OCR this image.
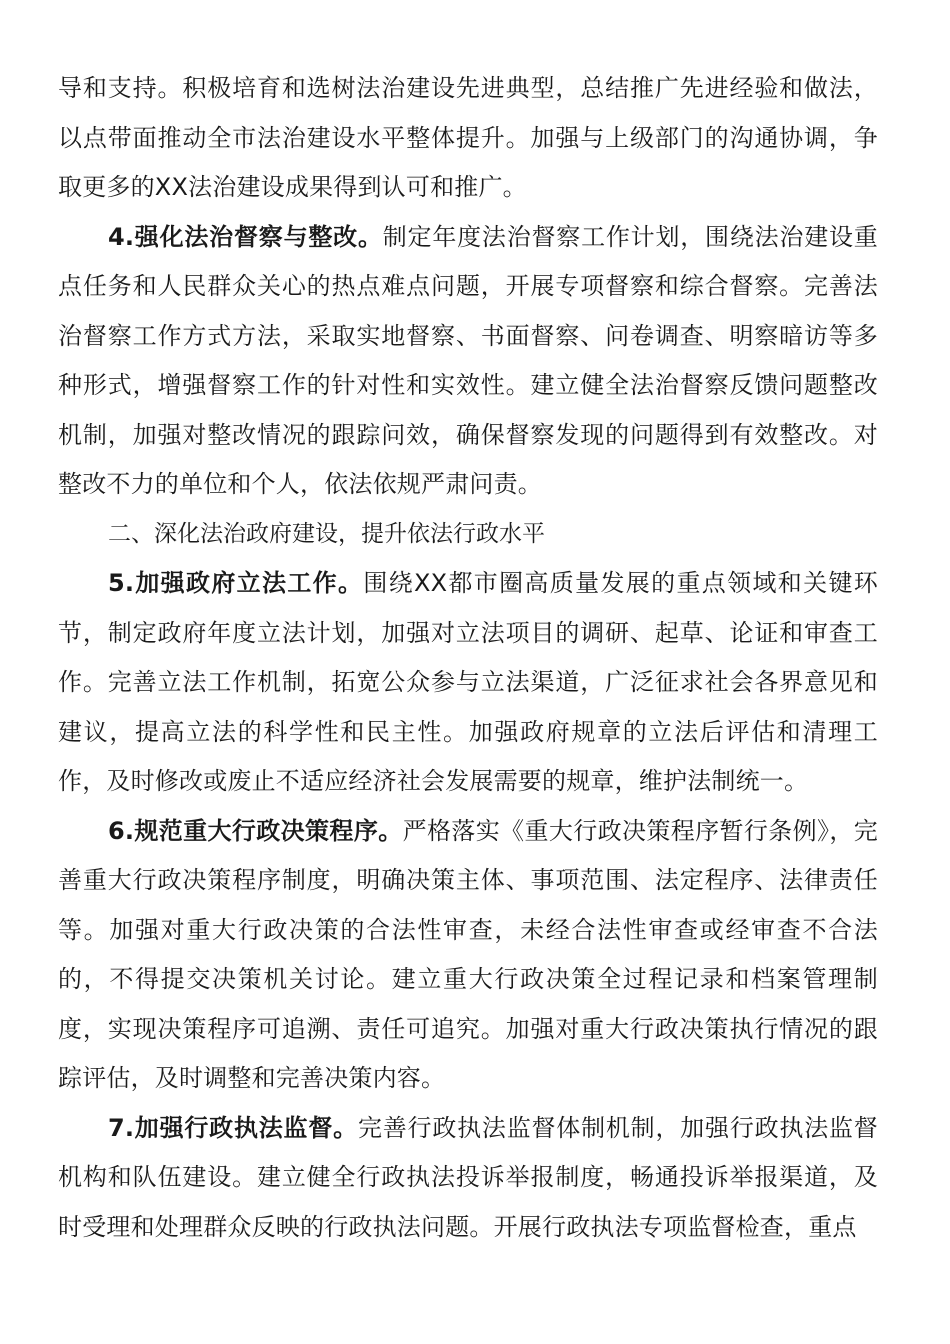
导和支持。积极培育和选树法治建设先进典型，总结推广先进经验和做法，以点带面推动全市法治建设水平整体提升。加强与上级部门的沟通协调，争取更多的XX法治建设成果得到认可和推广。

4.强化法治督察与整改。制定年度法治督察工作计划，围绕法治建设重点任务和人民群众关心的热点难点问题，开展专项督察和综合督察。完善法治督察工作方式方法，采取实地督察、书面督察、问卷调查、明察暗访等多种形式，增强督察工作的针对性和实效性。建立健全法治督察反馈问题整改机制，加强对整改情况的跟踪问效，确保督察发现的问题得到有效整改。对整改不力的单位和个人，依法依规严肃问责。

二、深化法治政府建设，提升依法行政水平

5.加强政府立法工作。围绕XX都市圈高质量发展的重点领域和关键环节，制定政府年度立法计划，加强对立法项目的调研、起草、论证和审查工作。完善立法工作机制，拓宽公众参与立法渠道，广泛征求社会各界意见和建议，提高立法的科学性和民主性。加强政府规章的立法后评估和清理工作，及时修改或废止不适应经济社会发展需要的规章，维护法制统一。

6.规范重大行政决策程序。严格落实《重大行政决策程序暂行条例》，完善重大行政决策程序制度，明确决策主体、事项范围、法定程序、法律责任等。加强对重大行政决策的合法性审查，未经合法性审查或经审查不合法的，不得提交决策机关讨论。建立重大行政决策全过程记录和档案管理制度，实现决策程序可追溯、责任可追究。加强对重大行政决策执行情况的跟踪评估，及时调整和完善决策内容。

7.加强行政执法监督。完善行政执法监督体制机制，加强行政执法监督机构和队伍建设。建立健全行政执法投诉举报制度，畅通投诉举报渠道，及时受理和处理群众反映的行政执法问题。开展行政执法专项监督检查，重点
